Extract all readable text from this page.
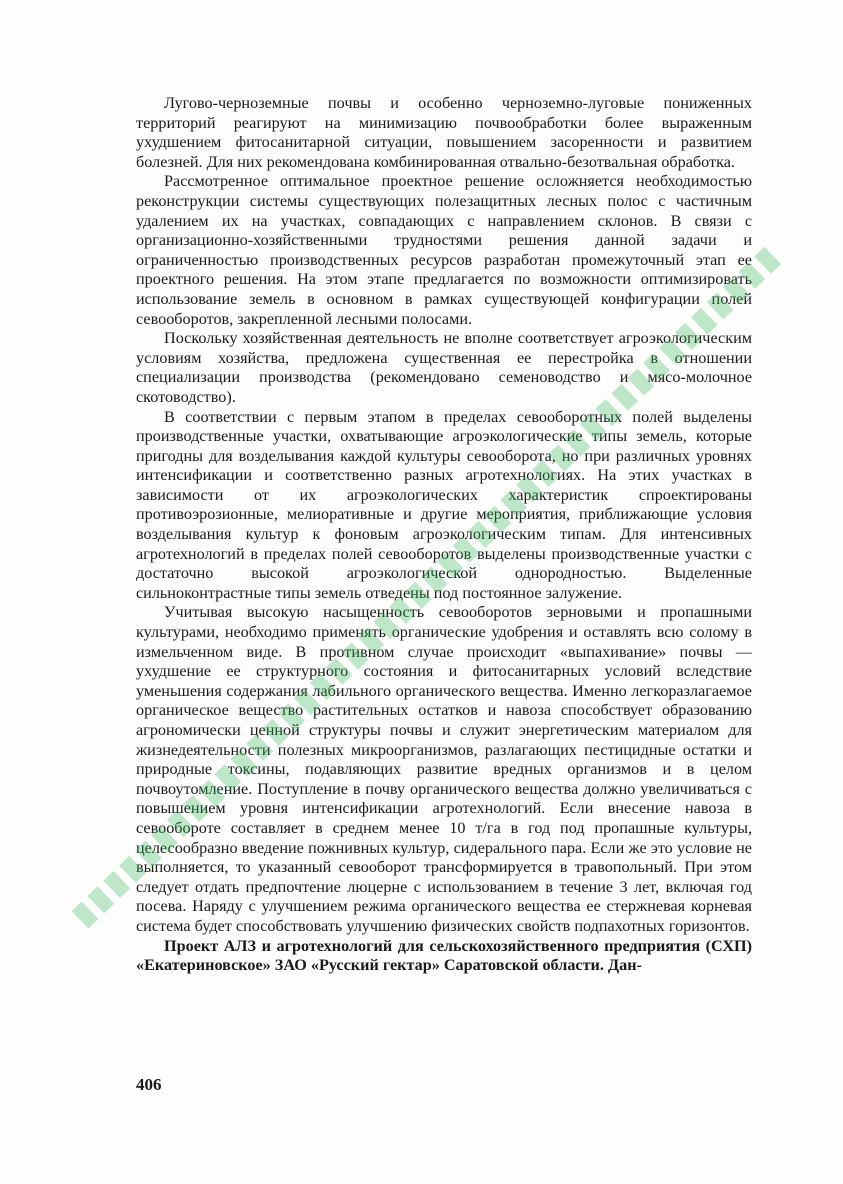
Лугово-черноземные почвы и особенно черноземно-луговые пониженных территорий реагируют на минимизацию почвообработки более выраженным ухудшением фитосанитарной ситуации, повышением засоренности и развитием болезней. Для них рекомендована комбинированная отвально-безотвальная обработка.

Рассмотренное оптимальное проектное решение осложняется необходимостью реконструкции системы существующих полезащитных лесных полос с частичным удалением их на участках, совпадающих с направлением склонов. В связи с организационно-хозяйственными трудностями решения данной задачи и ограниченностью производственных ресурсов разработан промежуточный этап ее проектного решения. На этом этапе предлагается по возможности оптимизировать использование земель в основном в рамках существующей конфигурации полей севооборотов, закрепленной лесными полосами.

Поскольку хозяйственная деятельность не вполне соответствует агроэкологическим условиям хозяйства, предложена существенная ее перестройка в отношении специализации производства (рекомендовано семеноводство и мясо-молочное скотоводство).

В соответствии с первым этапом в пределах севооборотных полей выделены производственные участки, охватывающие агроэкологические типы земель, которые пригодны для возделывания каждой культуры севооборота, но при различных уровнях интенсификации и соответственно разных агротехнологиях. На этих участках в зависимости от их агроэкологических характеристик спроектированы противоэрозионные, мелиоративные и другие мероприятия, приближающие условия возделывания культур к фоновым агроэкологическим типам. Для интенсивных агротехнологий в пределах полей севооборотов выделены производственные участки с достаточно высокой агроэкологической однородностью. Выделенные сильноконтрастные типы земель отведены под постоянное залужение.

Учитывая высокую насыщенность севооборотов зерновыми и пропашными культурами, необходимо применять органические удобрения и оставлять всю солому в измельченном виде. В противном случае происходит «выпахивание» почвы — ухудшение ее структурного состояния и фитосанитарных условий вследствие уменьшения содержания лабильного органического вещества. Именно легкоразлагаемое органическое вещество растительных остатков и навоза способствует образованию агрономически ценной структуры почвы и служит энергетическим материалом для жизнедеятельности полезных микроорганизмов, разлагающих пестицидные остатки и природные токсины, подавляющих развитие вредных организмов и в целом почвоутомление. Поступление в почву органического вещества должно увеличиваться с повышением уровня интенсификации агротехнологий. Если внесение навоза в севообороте составляет в среднем менее 10 т/га в год под пропашные культуры, целесообразно введение пожнивных культур, сидерального пара. Если же это условие не выполняется, то указанный севооборот трансформируется в травопольный. При этом следует отдать предпочтение люцерне с использованием в течение 3 лет, включая год посева. Наряду с улучшением режима органического вещества ее стержневая корневая система будет способствовать улучшению физических свойств подпахотных горизонтов.

Проект АЛЗ и агротехнологий для сельскохозяйственного предприятия (СХП) «Екатериновское» ЗАО «Русский гектар» Саратовской области. Дан-

406
